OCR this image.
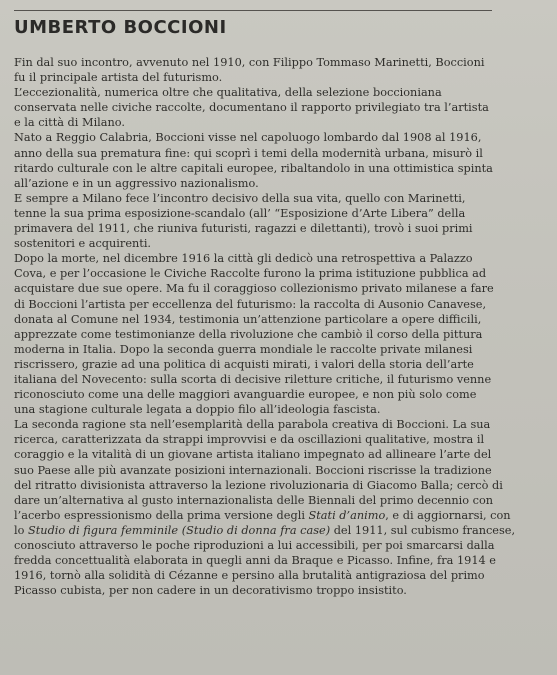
UMBERTO BOCCIONI

Fin dal suo incontro, avvenuto nel 1910, con Filippo Tommaso Marinetti, Boccioni
fu il principale artista del futurismo.

L’eccezionalità, numerica oltre che qualitativa, della selezione boccioniana
conservata nelle civiche raccolte, documentano il rapporto privilegiato tra l’artista
e la città di Milano.

Nato a Reggio Calabria, Boccioni visse nel capoluogo lombardo dal 1908 al 1916,
anno della sua prematura fine: qui scoprì i temi della modernità urbana, misurò il
ritardo culturale con le altre capitali europee, ribaltandolo in una ottimistica spinta
all’azione e in un aggressivo nazionalismo.

E sempre a Milano fece l’incontro decisivo della sua vita, quello con Marinetti,
tenne la sua prima esposizione-scandalo (all’ “Esposizione d’Arte Libera” della
primavera del 1911, che riuniva futuristi, ragazzi e dilettanti), trovò i suoi primi
sostenitori e acquirenti.

Dopo la morte, nel dicembre 1916 la città gli dedicò una retrospettiva a Palazzo
Cova, e per l’occasione le Civiche Raccolte furono la prima istituzione pubblica ad
acquistare due sue opere. Ma fu il coraggioso collezionismo privato milanese a fare
di Boccioni l’artista per eccellenza del futurismo: la raccolta di Ausonio Canavese,
donata al Comune nel 1934, testimonia un’attenzione particolare a opere difficili,
apprezzate come testimonianze della rivoluzione che cambiò il corso della pittura
moderna in Italia. Dopo la seconda guerra mondiale le raccolte private milanesi
riscrissero, grazie ad una politica di acquisti mirati, i valori della storia dell’arte
italiana del Novecento: sulla scorta di decisive riletture critiche, il futurismo venne
riconosciuto come una delle maggiori avanguardie europee, e non più solo come
una stagione culturale legata a doppio filo all’ideologia fascista.

La seconda ragione sta nell’esemplarità della parabola creativa di Boccioni. La sua
ricerca, caratterizzata da strappi improvvisi e da oscillazioni qualitative, mostra il
coraggio e la vitalità di un giovane artista italiano impegnato ad allineare l’arte del
suo Paese alle più avanzate posizioni internazionali. Boccioni riscrisse la tradizione
del ritratto divisionista attraverso la lezione rivoluzionaria di Giacomo Balla; cercò di
dare un’alternativa al gusto internazionalista delle Biennali del primo decennio con
l’acerbo espressionismo della prima versione degli Stati d’animo, e di aggiornarsi, con
lo Studio di figura femminile (Studio di donna fra case) del 1911, sul cubismo francese,
conosciuto attraverso le poche riproduzioni a lui accessibili, per poi smarcarsi dalla
fredda concettualità elaborata in quegli anni da Braque e Picasso. Infine, fra 1914 e
1916, tornò alla solidità di Cézanne e persino alla brutalità antigraziosa del primo
Picasso cubista, per non cadere in un decorativismo troppo insistito.
